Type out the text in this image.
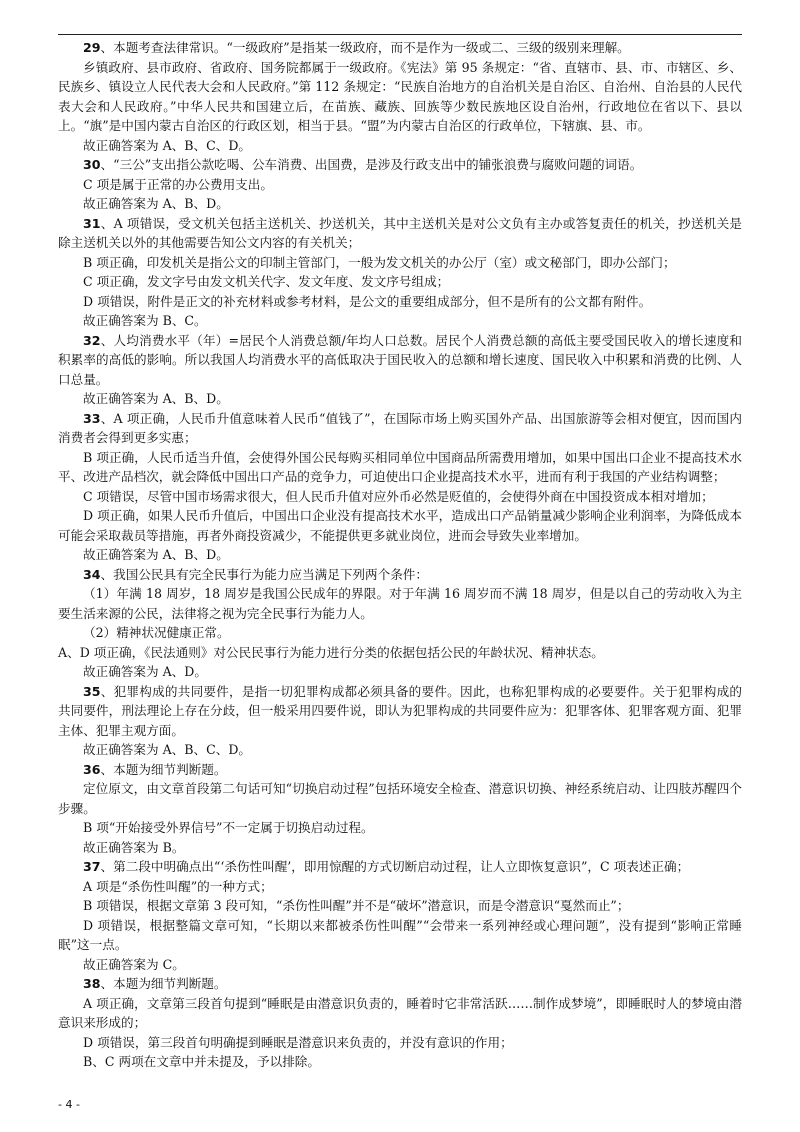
29、本题考查法律常识。“一级政府”是指某一级政府，而不是作为一级或二、三级的级别来理解。

乡镇政府、县市政府、省政府、国务院都属于一级政府。《宪法》第 95 条规定：“省、直辖市、县、市、市辖区、乡、民族乡、镇设立人民代表大会和人民政府。”第 112 条规定：“民族自治地方的自治机关是自治区、自治州、自治县的人民代表大会和人民政府。”中华人民共和国建立后，在苗族、藏族、回族等少数民族地区设自治州，行政地位在省以下、县以上。“旗”是中国内蒙古自治区的行政区划，相当于县。“盟”为内蒙古自治区的行政单位，下辖旗、县、市。

故正确答案为 A、B、C、D。

30、“三公”支出指公款吃喝、公车消费、出国费，是涉及行政支出中的铺张浪费与腐败问题的词语。

C 项是属于正常的办公费用支出。

故正确答案为 A、B、D。

31、A 项错误，受文机关包括主送机关、抄送机关，其中主送机关是对公文负有主办或答复责任的机关，抄送机关是除主送机关以外的其他需要告知公文内容的有关机关；

B 项正确，印发机关是指公文的印制主管部门，一般为发文机关的办公厅（室）或文秘部门，即办公部门；

C 项正确，发文字号由发文机关代字、发文年度、发文序号组成；

D 项错误，附件是正文的补充材料或参考材料，是公文的重要组成部分，但不是所有的公文都有附件。

故正确答案为 B、C。

32、人均消费水平（年）=居民个人消费总额/年均人口总数。居民个人消费总额的高低主要受国民收入的增长速度和积累率的高低的影响。所以我国人均消费水平的高低取决于国民收入的总额和增长速度、国民收入中积累和消费的比例、人口总量。

故正确答案为 A、B、D。

33、A 项正确，人民币升值意味着人民币“值钱了”，在国际市场上购买国外产品、出国旅游等会相对便宜，因而国内消费者会得到更多实惠；

B 项正确，人民币适当升值，会使得外国公民每购买相同单位中国商品所需费用增加，如果中国出口企业不提高技术水平、改进产品档次，就会降低中国出口产品的竞争力，可迫使出口企业提高技术水平，进而有利于我国的产业结构调整；

C 项错误，尽管中国市场需求很大，但人民币升值对应外币必然是贬值的，会使得外商在中国投资成本相对增加；

D 项正确，如果人民币升值后，中国出口企业没有提高技术水平，造成出口产品销量减少影响企业利润率，为降低成本可能会采取裁员等措施，再者外商投资减少，不能提供更多就业岗位，进而会导致失业率增加。

故正确答案为 A、B、D。

34、我国公民具有完全民事行为能力应当满足下列两个条件：

（1）年满 18 周岁，18 周岁是我国公民成年的界限。对于年满 16 周岁而不满 18 周岁，但是以自己的劳动收入为主要生活来源的公民，法律将之视为完全民事行为能力人。

（2）精神状况健康正常。

A、D 项正确，《民法通则》对公民民事行为能力进行分类的依据包括公民的年龄状况、精神状态。

故正确答案为 A、D。

35、犯罪构成的共同要件，是指一切犯罪构成都必须具备的要件。因此，也称犯罪构成的必要要件。关于犯罪构成的共同要件，刑法理论上存在分歧，但一般采用四要件说，即认为犯罪构成的共同要件应为：犯罪客体、犯罪客观方面、犯罪主体、犯罪主观方面。

故正确答案为 A、B、C、D。

36、本题为细节判断题。

定位原文，由文章首段第二句话可知“切换启动过程”包括环境安全检查、潜意识切换、神经系统启动、让四肢苏醒四个步骤。

B 项“开始接受外界信号”不一定属于切换启动过程。

故正确答案为 B。

37、第二段中明确点出“‘杀伤性叫醒’，即用惊醒的方式切断启动过程，让人立即恢复意识”，C 项表述正确；

A 项是“杀伤性叫醒”的一种方式；

B 项错误，根据文章第 3 段可知，“杀伤性叫醒”并不是“破坏”潜意识，而是令潜意识“戛然而止”；

D 项错误，根据整篇文章可知，“长期以来都被杀伤性叫醒”“会带来一系列神经或心理问题”，没有提到“影响正常睡眠”这一点。

故正确答案为 C。

38、本题为细节判断题。

A 项正确，文章第三段首句提到“睡眠是由潜意识负责的，睡着时它非常活跃……制作成梦境”，即睡眠时人的梦境由潜意识来形成的；

D 项错误，第三段首句明确提到睡眠是潜意识来负责的，并没有意识的作用；

B、C 两项在文章中并未提及，予以排除。

- 4 -
